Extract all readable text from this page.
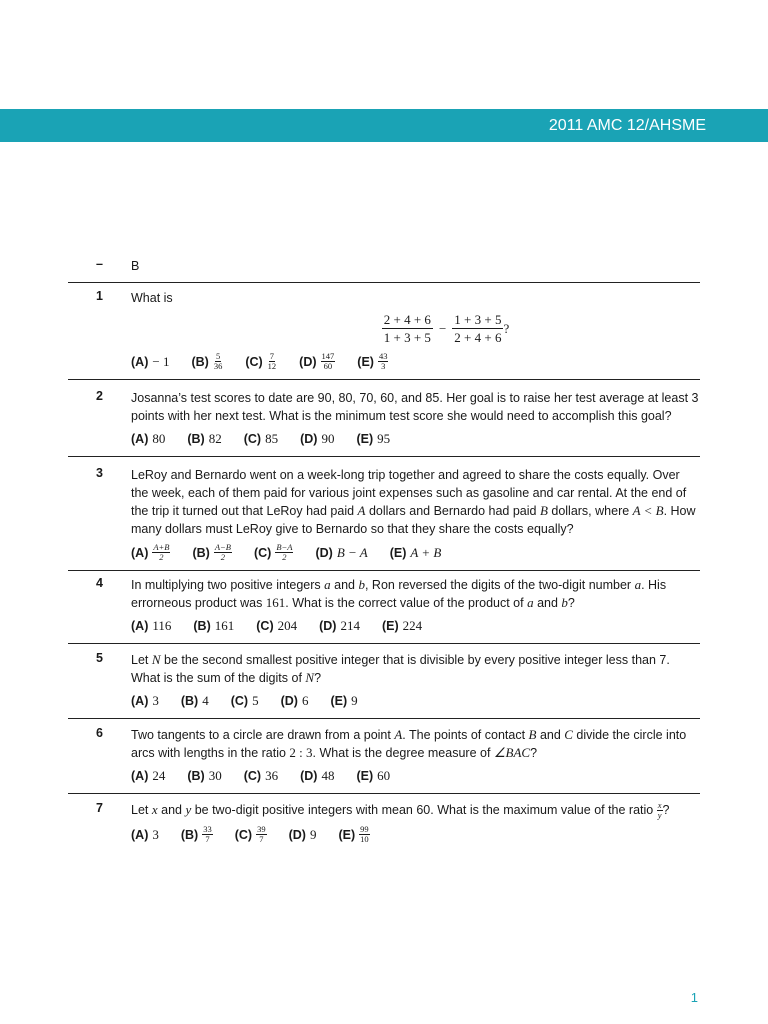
2011 AMC 12/AHSME
–	B
1	What is
$\frac{2 + 4 + 6}{1 + 3 + 5} - \frac{1 + 3 + 5}{2 + 4 + 6}$ ?
(A) − 1 $(B) \frac{5}{36} (C) \frac{7}{12} (D) \frac{147}{60} (E) \frac{43}{3}$
2	Josanna’s test scores to date are 90, 80, 70, 60, and 85. Her goal is to raise her test average at least 3 points with her next test. What is the minimum test score she would need to accomplish this goal?
(A) 80 (B) 82 (C) 85 (D) 90 (E) 95
3	LeRoy and Bernardo went on a week-long trip together and agreed to share the costs equally. Over the week, each of them paid for various joint expenses such as gasoline and car rental. At the end of the trip it turned out that LeRoy had paid A dollars and Bernardo had paid B dollars, where A < B. How many dollars must LeRoy give to Bernardo so that they share the costs equally?
$(A) \frac{A+B}{2} (B) \frac{A-B}{2} (C) \frac{B-A}{2} (D) B - A$ (E) A + B
4	In multiplying two positive integers a and b, Ron reversed the digits of the two-digit number a. His errorneous product was 161. What is the correct value of the product of a and b?
(A) 116 (B) 161 (C) 204 (D) 214 (E) 224
5	Let N be the second smallest positive integer that is divisible by every positive integer less than 7. What is the sum of the digits of N?
(A) 3 (B) 4 (C) 5 (D) 6 (E) 9
6	Two tangents to a circle are drawn from a point A. The points of contact B and C divide the circle into arcs with lengths in the ratio 2 : 3. What is the degree measure of ∠BAC?
(A) 24 (B) 30 (C) 36 (D) 48 (E) 60
7	Let x and y be two-digit positive integers with mean 60. What is the maximum value of the ratio $\frac{x}{y}$ ?
(A) 3 $(B) \frac{33}{7} (C) \frac{39}{7} (D)$ 9 $(E) \frac{99}{10}$
1
